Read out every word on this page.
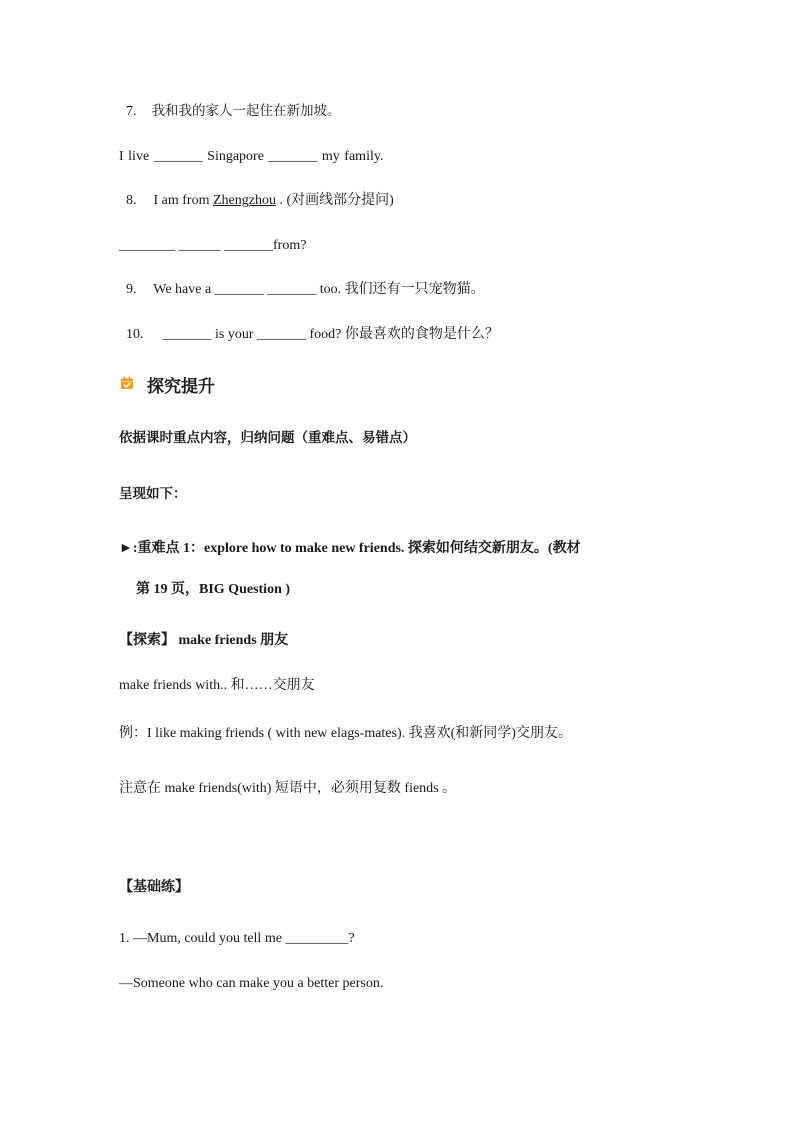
7. 我和我的家人一起住在新加坡。
I live _______ Singapore _______ my family.
8. I am from Zhengzhou . (对画线部分提问)
________ ______ _______from?
9. We have a _______ _______ too. 我们还有一只宠物猫。
10. _______ is your _______ food? 你最喜欢的食物是什么？
探究提升
依据课时重点内容，归纳问题（重难点、易错点）
呈现如下：
►:重难点 1：explore how to make new friends. 探索如何结交新朋友。(教材
第 19 页，BIG Question )
【探索】 make friends 朋友
make friends with.. 和……交朋友
例：I like making friends ( with new elags-mates). 我喜欢(和新同学)交朋友。
注意在 make friends(with) 短语中，必须用复数 fiends 。
【基础练】
1. —Mum, could you tell me _________?
—Someone who can make you a better person.
